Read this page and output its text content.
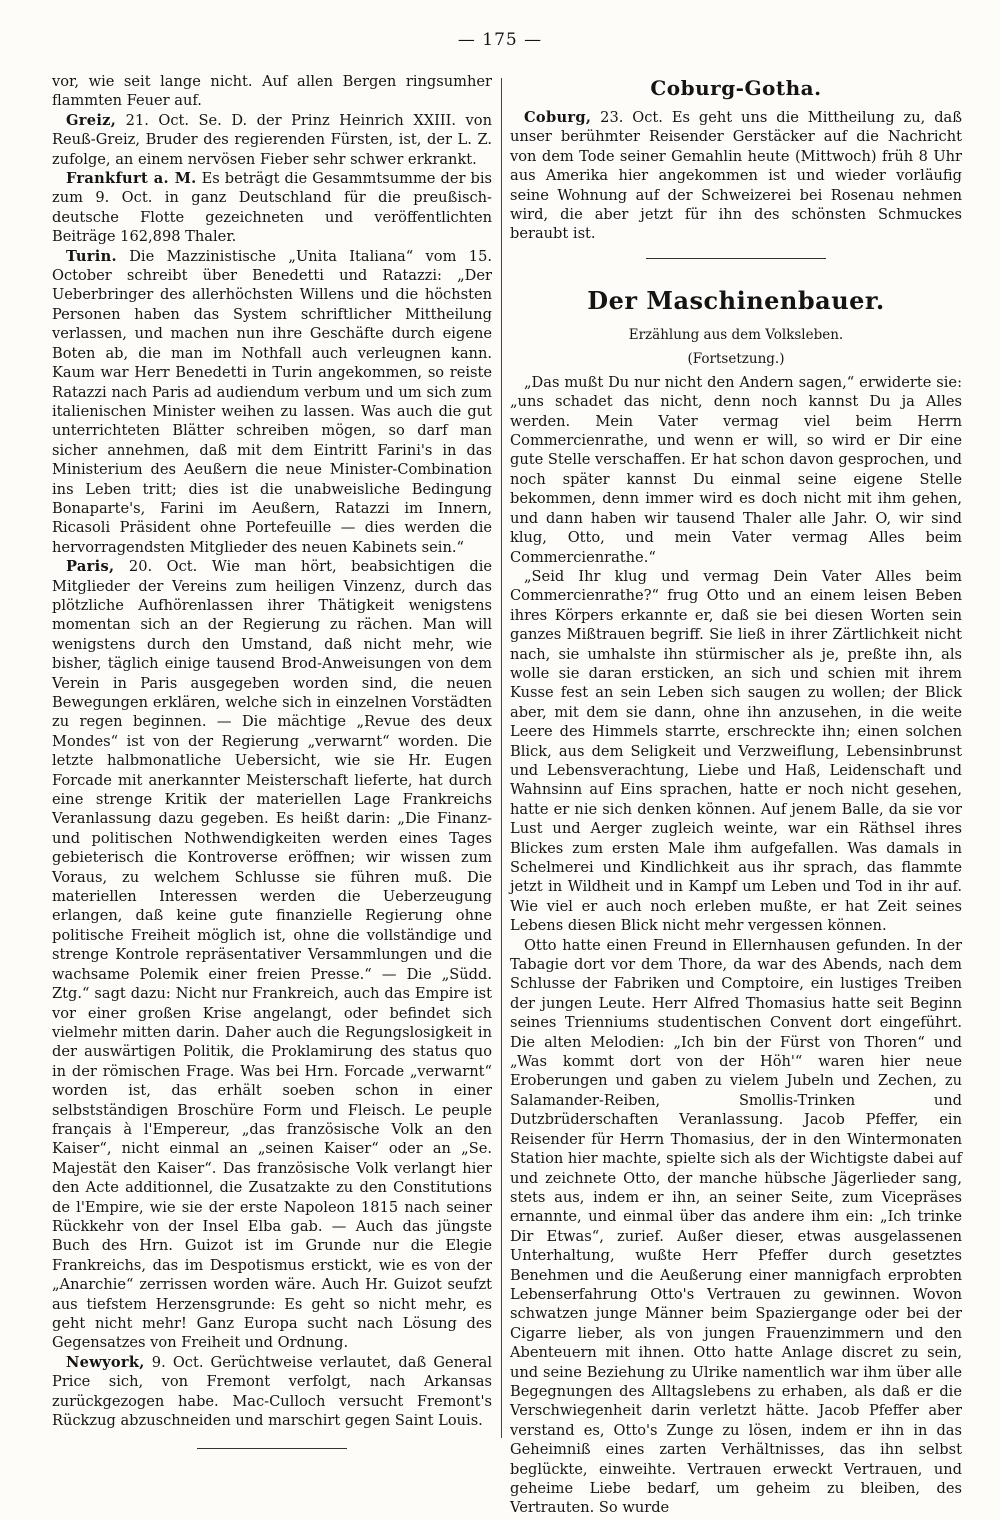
— 175 —

vor, wie seit lange nicht. Auf allen Bergen ringsumher flammten Feuer auf.

Greiz, 21. Oct. Se. D. der Prinz Heinrich XXIII. von Reuß-Greiz, Bruder des regierenden Fürsten, ist, der L. Z. zufolge, an einem nervösen Fieber sehr schwer erkrankt.

Frankfurt a. M. Es beträgt die Gesammtsumme der bis zum 9. Oct. in ganz Deutschland für die preußisch-deutsche Flotte gezeichneten und veröffentlichten Beiträge 162,898 Thaler.

Turin. Die Mazzinistische „Unita Italiana“ vom 15. October schreibt über Benedetti und Ratazzi: „Der Ueberbringer des allerhöchsten Willens und die höchsten Personen haben das System schriftlicher Mittheilung verlassen, und machen nun ihre Geschäfte durch eigene Boten ab, die man im Nothfall auch verleugnen kann. Kaum war Herr Benedetti in Turin angekommen, so reiste Ratazzi nach Paris ad audiendum verbum und um sich zum italienischen Minister weihen zu lassen. Was auch die gut unterrichteten Blätter schreiben mögen, so darf man sicher annehmen, daß mit dem Eintritt Farini's in das Ministerium des Aeußern die neue Minister-Combination ins Leben tritt; dies ist die unabweisliche Bedingung Bonaparte's, Farini im Aeußern, Ratazzi im Innern, Ricasoli Präsident ohne Portefeuille — dies werden die hervorragendsten Mitglieder des neuen Kabinets sein.“

Paris, 20. Oct. Wie man hört, beabsichtigen die Mitglieder der Vereins zum heiligen Vinzenz, durch das plötzliche Aufhörenlassen ihrer Thätigkeit wenigstens momentan sich an der Regierung zu rächen. Man will wenigstens durch den Umstand, daß nicht mehr, wie bisher, täglich einige tausend Brod-Anweisungen von dem Verein in Paris ausgegeben worden sind, die neuen Bewegungen erklären, welche sich in einzelnen Vorstädten zu regen beginnen. — Die mächtige „Revue des deux Mondes“ ist von der Regierung „verwarnt“ worden. Die letzte halbmonatliche Uebersicht, wie sie Hr. Eugen Forcade mit anerkannter Meisterschaft lieferte, hat durch eine strenge Kritik der materiellen Lage Frankreichs Veranlassung dazu gegeben. Es heißt darin: „Die Finanz- und politischen Nothwendigkeiten werden eines Tages gebieterisch die Kontroverse eröffnen; wir wissen zum Voraus, zu welchem Schlusse sie führen muß. Die materiellen Interessen werden die Ueberzeugung erlangen, daß keine gute finanzielle Regierung ohne politische Freiheit möglich ist, ohne die vollständige und strenge Kontrole repräsentativer Versammlungen und die wachsame Polemik einer freien Presse.“ — Die „Südd. Ztg.“ sagt dazu: Nicht nur Frankreich, auch das Empire ist vor einer großen Krise angelangt, oder befindet sich vielmehr mitten darin. Daher auch die Regungslosigkeit in der auswärtigen Politik, die Proklamirung des status quo in der römischen Frage. Was bei Hrn. Forcade „verwarnt“ worden ist, das erhält soeben schon in einer selbstständigen Broschüre Form und Fleisch. Le peuple français à l'Empereur, „das französische Volk an den Kaiser“, nicht einmal an „seinen Kaiser“ oder an „Se. Majestät den Kaiser“. Das französische Volk verlangt hier den Acte additionnel, die Zusatzakte zu den Constitutions de l'Empire, wie sie der erste Napoleon 1815 nach seiner Rückkehr von der Insel Elba gab. — Auch das jüngste Buch des Hrn. Guizot ist im Grunde nur die Elegie Frankreichs, das im Despotismus erstickt, wie es von der „Anarchie“ zerrissen worden wäre. Auch Hr. Guizot seufzt aus tiefstem Herzensgrunde: Es geht so nicht mehr, es geht nicht mehr! Ganz Europa sucht nach Lösung des Gegensatzes von Freiheit und Ordnung.

Newyork, 9. Oct. Gerüchtweise verlautet, daß General Price sich, von Fremont verfolgt, nach Arkansas zurückgezogen habe. Mac-Culloch versucht Fremont's Rückzug abzuschneiden und marschirt gegen Saint Louis.

Coburg-Gotha.

Coburg, 23. Oct. Es geht uns die Mittheilung zu, daß unser berühmter Reisender Gerstäcker auf die Nachricht von dem Tode seiner Gemahlin heute (Mittwoch) früh 8 Uhr aus Amerika hier angekommen ist und wieder vorläufig seine Wohnung auf der Schweizerei bei Rosenau nehmen wird, die aber jetzt für ihn des schönsten Schmuckes beraubt ist.

Der Maschinenbauer.
Erzählung aus dem Volksleben.
(Fortsetzung.)

„Das mußt Du nur nicht den Andern sagen,“ erwiderte sie: „uns schadet das nicht, denn noch kannst Du ja Alles werden. Mein Vater vermag viel beim Herrn Commercienrathe, und wenn er will, so wird er Dir eine gute Stelle verschaffen. Er hat schon davon gesprochen, und noch später kannst Du einmal seine eigene Stelle bekommen, denn immer wird es doch nicht mit ihm gehen, und dann haben wir tausend Thaler alle Jahr. O, wir sind klug, Otto, und mein Vater vermag Alles beim Commercienrathe.“

„Seid Ihr klug und vermag Dein Vater Alles beim Commercienrathe?“ frug Otto und an einem leisen Beben ihres Körpers erkannte er, daß sie bei diesen Worten sein ganzes Mißtrauen begriff. Sie ließ in ihrer Zärtlichkeit nicht nach, sie umhalste ihn stürmischer als je, preßte ihn, als wolle sie daran ersticken, an sich und schien mit ihrem Kusse fest an sein Leben sich saugen zu wollen; der Blick aber, mit dem sie dann, ohne ihn anzusehen, in die weite Leere des Himmels starrte, erschreckte ihn; einen solchen Blick, aus dem Seligkeit und Verzweiflung, Lebensinbrunst und Lebensverachtung, Liebe und Haß, Leidenschaft und Wahnsinn auf Eins sprachen, hatte er noch nicht gesehen, hatte er nie sich denken können. Auf jenem Balle, da sie vor Lust und Aerger zugleich weinte, war ein Räthsel ihres Blickes zum ersten Male ihm aufgefallen. Was damals in Schelmerei und Kindlichkeit aus ihr sprach, das flammte jetzt in Wildheit und in Kampf um Leben und Tod in ihr auf. Wie viel er auch noch erleben mußte, er hat Zeit seines Lebens diesen Blick nicht mehr vergessen können.

Otto hatte einen Freund in Ellernhausen gefunden. In der Tabagie dort vor dem Thore, da war des Abends, nach dem Schlusse der Fabriken und Comptoire, ein lustiges Treiben der jungen Leute. Herr Alfred Thomasius hatte seit Beginn seines Trienniums studentischen Convent dort eingeführt. Die alten Melodien: „Ich bin der Fürst von Thoren“ und „Was kommt dort von der Höh'“ waren hier neue Eroberungen und gaben zu vielem Jubeln und Zechen, zu Salamander-Reiben, Smollis-Trinken und Dutzbrüderschaften Veranlassung. Jacob Pfeffer, ein Reisender für Herrn Thomasius, der in den Wintermonaten Station hier machte, spielte sich als der Wichtigste dabei auf und zeichnete Otto, der manche hübsche Jägerlieder sang, stets aus, indem er ihn, an seiner Seite, zum Vicepräses ernannte, und einmal über das andere ihm ein: „Ich trinke Dir Etwas“, zurief. Außer dieser, etwas ausgelassenen Unterhaltung, wußte Herr Pfeffer durch gesetztes Benehmen und die Aeußerung einer mannigfach erprobten Lebenserfahrung Otto's Vertrauen zu gewinnen. Wovon schwatzen junge Männer beim Spaziergange oder bei der Cigarre lieber, als von jungen Frauenzimmern und den Abenteuern mit ihnen. Otto hatte Anlage discret zu sein, und seine Beziehung zu Ulrike namentlich war ihm über alle Begegnungen des Alltagslebens zu erhaben, als daß er die Verschwiegenheit darin verletzt hätte. Jacob Pfeffer aber verstand es, Otto's Zunge zu lösen, indem er ihn in das Geheimniß eines zarten Verhältnisses, das ihn selbst beglückte, einweihte. Vertrauen erweckt Vertrauen, und geheime Liebe bedarf, um geheim zu bleiben, des Vertrauten. So wurde
